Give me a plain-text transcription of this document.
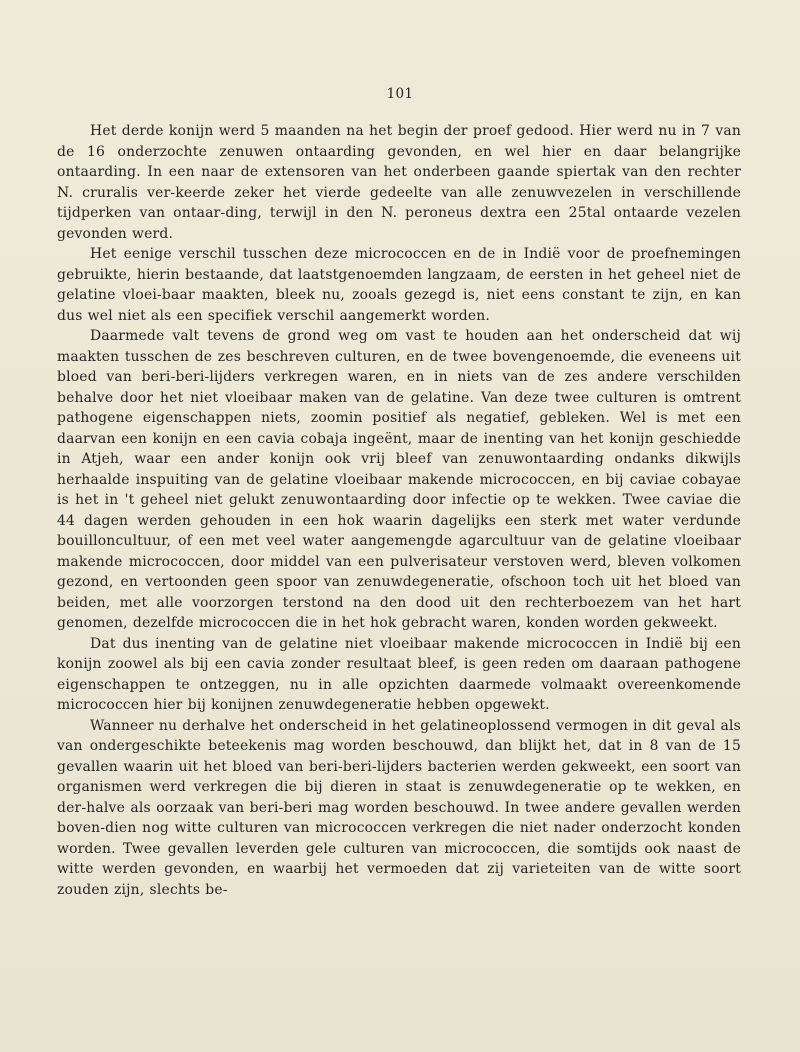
101

Het derde konijn werd 5 maanden na het begin der proef gedood. Hier werd nu in 7 van de 16 onderzochte zenuwen ontaarding gevonden, en wel hier en daar belangrijke ontaarding. In een naar de extensoren van het onderbeen gaande spiertak van den rechter N. cruralis ver-keerde zeker het vierde gedeelte van alle zenuwvezelen in verschillende tijdperken van ontaar-ding, terwijl in den N. peroneus dextra een 25tal ontaarde vezelen gevonden werd.

Het eenige verschil tusschen deze micrococcen en de in Indië voor de proefnemingen gebruikte, hierin bestaande, dat laatstgenoemden langzaam, de eersten in het geheel niet de gelatine vloei-baar maakten, bleek nu, zooals gezegd is, niet eens constant te zijn, en kan dus wel niet als een specifiek verschil aangemerkt worden.

Daarmede valt tevens de grond weg om vast te houden aan het onderscheid dat wij maakten tusschen de zes beschreven culturen, en de twee bovengenoemde, die eveneens uit bloed van beri-beri-lijders verkregen waren, en in niets van de zes andere verschilden behalve door het niet vloeibaar maken van de gelatine. Van deze twee culturen is omtrent pathogene eigenschappen niets, zoomin positief als negatief, gebleken. Wel is met een daarvan een konijn en een cavia cobaja ingeënt, maar de inenting van het konijn geschiedde in Atjeh, waar een ander konijn ook vrij bleef van zenuwontaarding ondanks dikwijls herhaalde inspuiting van de gelatine vloeibaar makende micrococcen, en bij caviae cobayae is het in 't geheel niet gelukt zenuwontaarding door infectie op te wekken. Twee caviae die 44 dagen werden gehouden in een hok waarin dagelijks een sterk met water verdunde bouilloncultuur, of een met veel water aangemengde agarcultuur van de gelatine vloeibaar makende micrococcen, door middel van een pulverisateur verstoven werd, bleven volkomen gezond, en vertoonden geen spoor van zenuwdegeneratie, ofschoon toch uit het bloed van beiden, met alle voorzorgen terstond na den dood uit den rechterboezem van het hart genomen, dezelfde micrococcen die in het hok gebracht waren, konden worden gekweekt.

Dat dus inenting van de gelatine niet vloeibaar makende micrococcen in Indië bij een konijn zoowel als bij een cavia zonder resultaat bleef, is geen reden om daaraan pathogene eigenschappen te ontzeggen, nu in alle opzichten daarmede volmaakt overeenkomende micrococcen hier bij konijnen zenuwdegeneratie hebben opgewekt.

Wanneer nu derhalve het onderscheid in het gelatineoplossend vermogen in dit geval als van ondergeschikte beteekenis mag worden beschouwd, dan blijkt het, dat in 8 van de 15 gevallen waarin uit het bloed van beri-beri-lijders bacterien werden gekweekt, een soort van organismen werd verkregen die bij dieren in staat is zenuwdegeneratie op te wekken, en der-halve als oorzaak van beri-beri mag worden beschouwd. In twee andere gevallen werden boven-dien nog witte culturen van micrococcen verkregen die niet nader onderzocht konden worden. Twee gevallen leverden gele culturen van micrococcen, die somtijds ook naast de witte werden gevonden, en waarbij het vermoeden dat zij varieteiten van de witte soort zouden zijn, slechts be-
